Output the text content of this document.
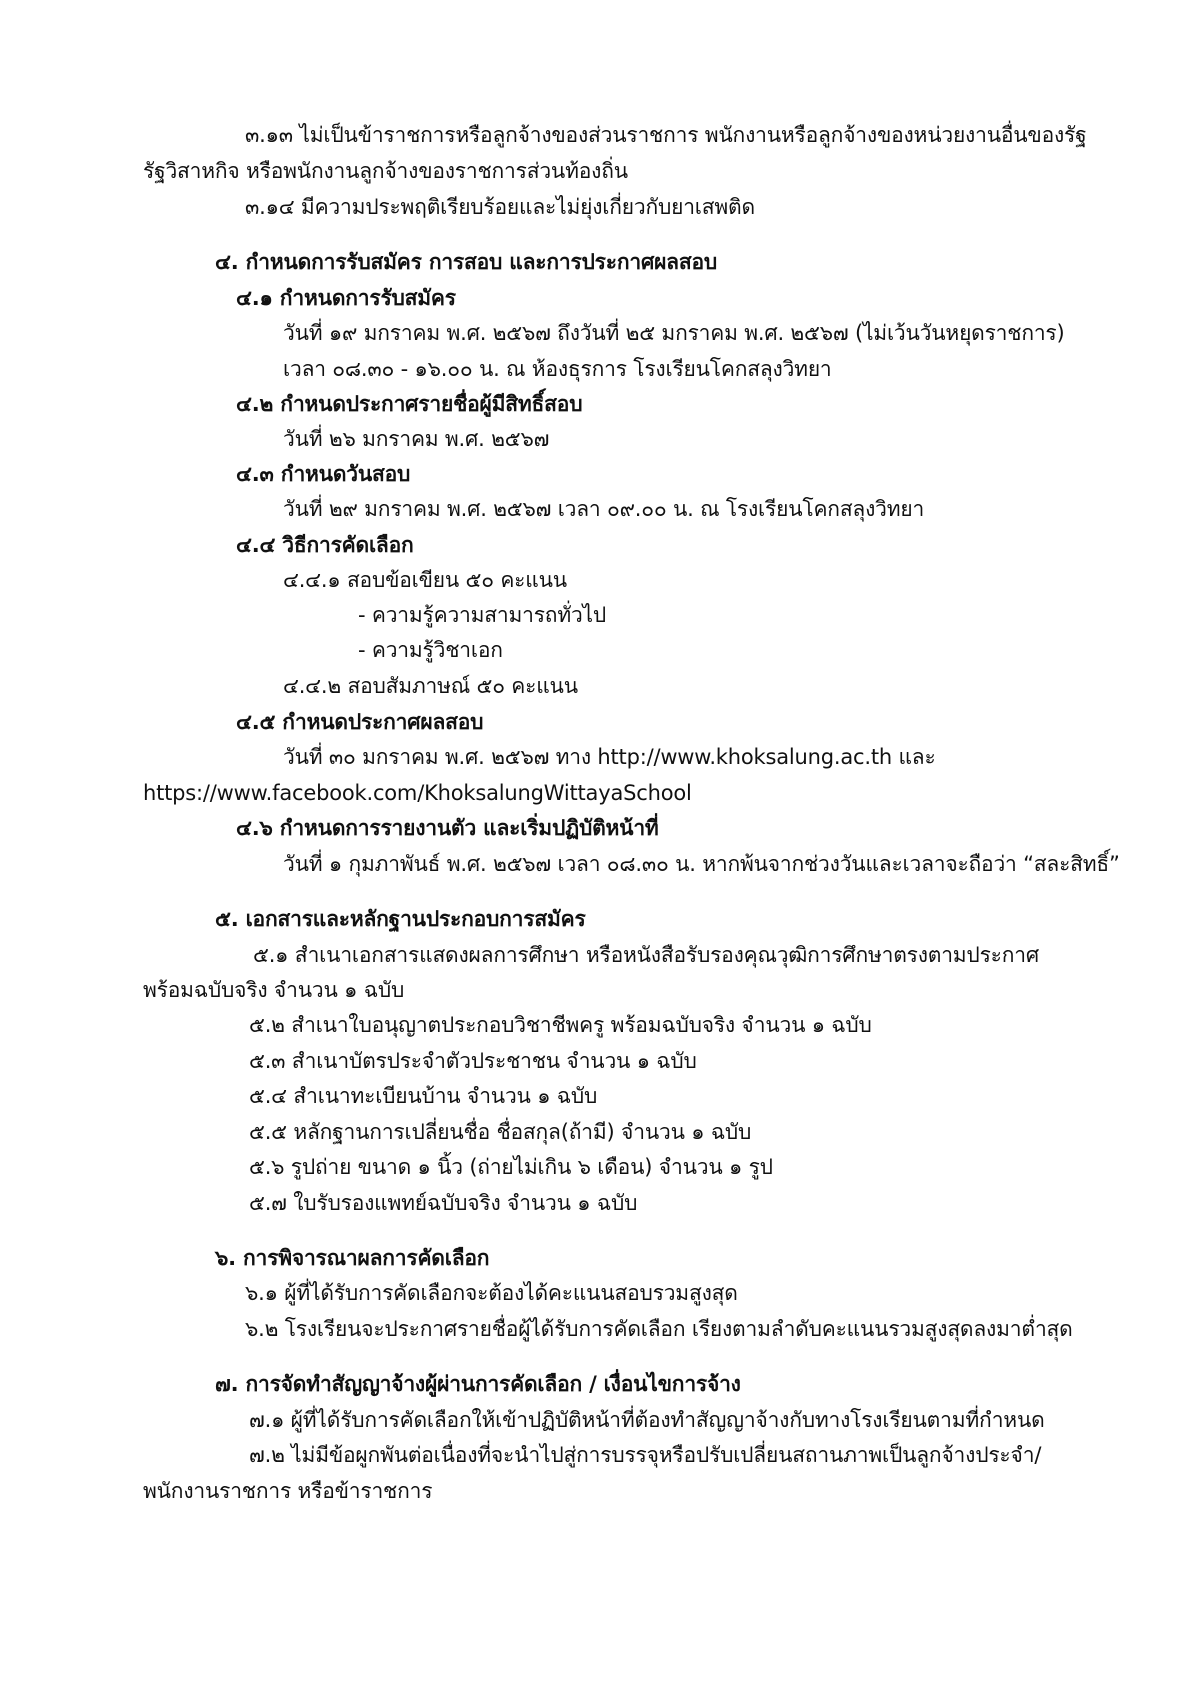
๓.๑๓ ไม่เป็นข้าราชการหรือลูกจ้างของส่วนราชการ พนักงานหรือลูกจ้างของหน่วยงานอื่นของรัฐ
รัฐวิสาหกิจ หรือพนักงานลูกจ้างของราชการส่วนท้องถิ่น
๓.๑๔ มีความประพฤติเรียบร้อยและไม่ยุ่งเกี่ยวกับยาเสพติด
๔. กำหนดการรับสมัคร การสอบ และการประกาศผลสอบ
๔.๑ กำหนดการรับสมัคร
วันที่ ๑๙ มกราคม พ.ศ. ๒๕๖๗ ถึงวันที่ ๒๕ มกราคม พ.ศ. ๒๕๖๗ (ไม่เว้นวันหยุดราชการ)
เวลา ๐๘.๓๐ - ๑๖.๐๐ น. ณ ห้องธุรการ โรงเรียนโคกสลุงวิทยา
๔.๒ กำหนดประกาศรายชื่อผู้มีสิทธิ์สอบ
วันที่ ๒๖ มกราคม พ.ศ. ๒๕๖๗
๔.๓ กำหนดวันสอบ
วันที่ ๒๙ มกราคม พ.ศ. ๒๕๖๗ เวลา ๐๙.๐๐ น. ณ โรงเรียนโคกสลุงวิทยา
๔.๔ วิธีการคัดเลือก
๔.๔.๑ สอบข้อเขียน ๕๐ คะแนน
- ความรู้ความสามารถทั่วไป
- ความรู้วิชาเอก
๔.๔.๒ สอบสัมภาษณ์ ๕๐ คะแนน
๔.๕ กำหนดประกาศผลสอบ
วันที่ ๓๐ มกราคม พ.ศ. ๒๕๖๗ ทาง http://www.khoksalung.ac.th และ
https://www.facebook.com/KhoksalungWittayaSchool
๔.๖ กำหนดการรายงานตัว และเริ่มปฏิบัติหน้าที่
วันที่ ๑ กุมภาพันธ์ พ.ศ. ๒๕๖๗ เวลา ๐๘.๓๐ น. หากพ้นจากช่วงวันและเวลาจะถือว่า “สละสิทธิ์”
๕. เอกสารและหลักฐานประกอบการสมัคร
๕.๑ สำเนาเอกสารแสดงผลการศึกษา หรือหนังสือรับรองคุณวุฒิการศึกษาตรงตามประกาศ
พร้อมฉบับจริง จำนวน ๑ ฉบับ
๕.๒ สำเนาใบอนุญาตประกอบวิชาชีพครู พร้อมฉบับจริง จำนวน ๑ ฉบับ
๕.๓ สำเนาบัตรประจำตัวประชาชน จำนวน ๑ ฉบับ
๕.๔ สำเนาทะเบียนบ้าน จำนวน ๑ ฉบับ
๕.๕ หลักฐานการเปลี่ยนชื่อ ชื่อสกุล(ถ้ามี) จำนวน ๑ ฉบับ
๕.๖ รูปถ่าย ขนาด ๑ นิ้ว (ถ่ายไม่เกิน ๖ เดือน) จำนวน ๑ รูป
๕.๗ ใบรับรองแพทย์ฉบับจริง จำนวน ๑ ฉบับ
๖. การพิจารณาผลการคัดเลือก
๖.๑ ผู้ที่ได้รับการคัดเลือกจะต้องได้คะแนนสอบรวมสูงสุด
๖.๒ โรงเรียนจะประกาศรายชื่อผู้ได้รับการคัดเลือก เรียงตามลำดับคะแนนรวมสูงสุดลงมาต่ำสุด
๗. การจัดทำสัญญาจ้างผู้ผ่านการคัดเลือก / เงื่อนไขการจ้าง
๗.๑ ผู้ที่ได้รับการคัดเลือกให้เข้าปฏิบัติหน้าที่ต้องทำสัญญาจ้างกับทางโรงเรียนตามที่กำหนด
๗.๒ ไม่มีข้อผูกพันต่อเนื่องที่จะนำไปสู่การบรรจุหรือปรับเปลี่ยนสถานภาพเป็นลูกจ้างประจำ/
พนักงานราชการ หรือข้าราชการ
